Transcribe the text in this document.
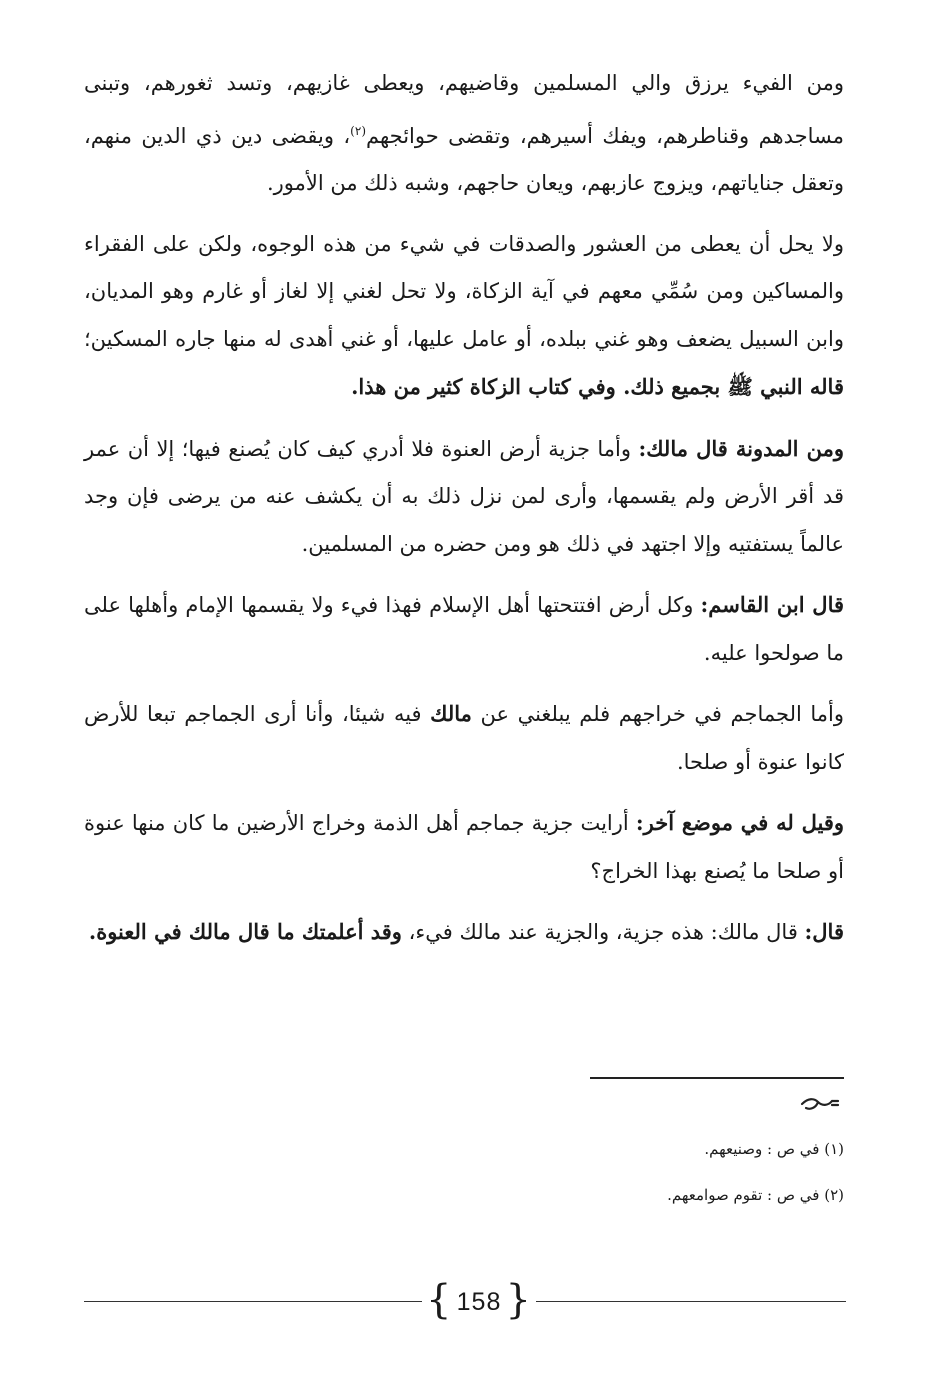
ومن الفيء يرزق والي المسلمين وقاضيهم، ويعطى غازيهم، وتسد ثغورهم، وتبنى مساجدهم وقناطرهم، ويفك أسيرهم، وتقضى حوائجهم$^{(٢)}$، ويقضى دين ذي الدين منهم، وتعقل جناياتهم، ويزوج عازبهم، ويعان حاجهم، وشبه ذلك من الأمور.

ولا يحل أن يعطى من العشور والصدقات في شيء من هذه الوجوه، ولكن على الفقراء والمساكين ومن سُمِّي معهم في آية الزكاة، ولا تحل لغني إلا لغاز أو غارم وهو المديان، وابن السبيل يضعف وهو غني ببلده، أو عامل عليها، أو غني أهدى له منها جاره المسكين؛ قاله النبي ﷺ بجميع ذلك. وفي كتاب الزكاة كثير من هذا.

ومن المدونة قال مالك: وأما جزية أرض العنوة فلا أدري كيف كان يُصنع فيها؛ إلا أن عمر قد أقر الأرض ولم يقسمها، وأرى لمن نزل ذلك به أن يكشف عنه من يرضى فإن وجد عالماً يستفتيه وإلا اجتهد في ذلك هو ومن حضره من المسلمين.

قال ابن القاسم: وكل أرض افتتحتها أهل الإسلام فهذا فيء ولا يقسمها الإمام وأهلها على ما صولحوا عليه.

وأما الجماجم في خراجهم فلم يبلغني عن مالك فيه شيئا، وأنا أرى الجماجم تبعا للأرض كانوا عنوة أو صلحا.

وقيل له في موضع آخر: أرايت جزية جماجم أهل الذمة وخراج الأرضين ما كان منها عنوة أو صلحا ما يُصنع بهذا الخراج؟

قال: قال مالك: هذه جزية، والجزية عند مالك فيء، وقد أعلمتك ما قال مالك في العنوة.

(١) في ص : وصنيعهم.
(٢) في ص : تقوم صوامعهم.
{ 158 }
